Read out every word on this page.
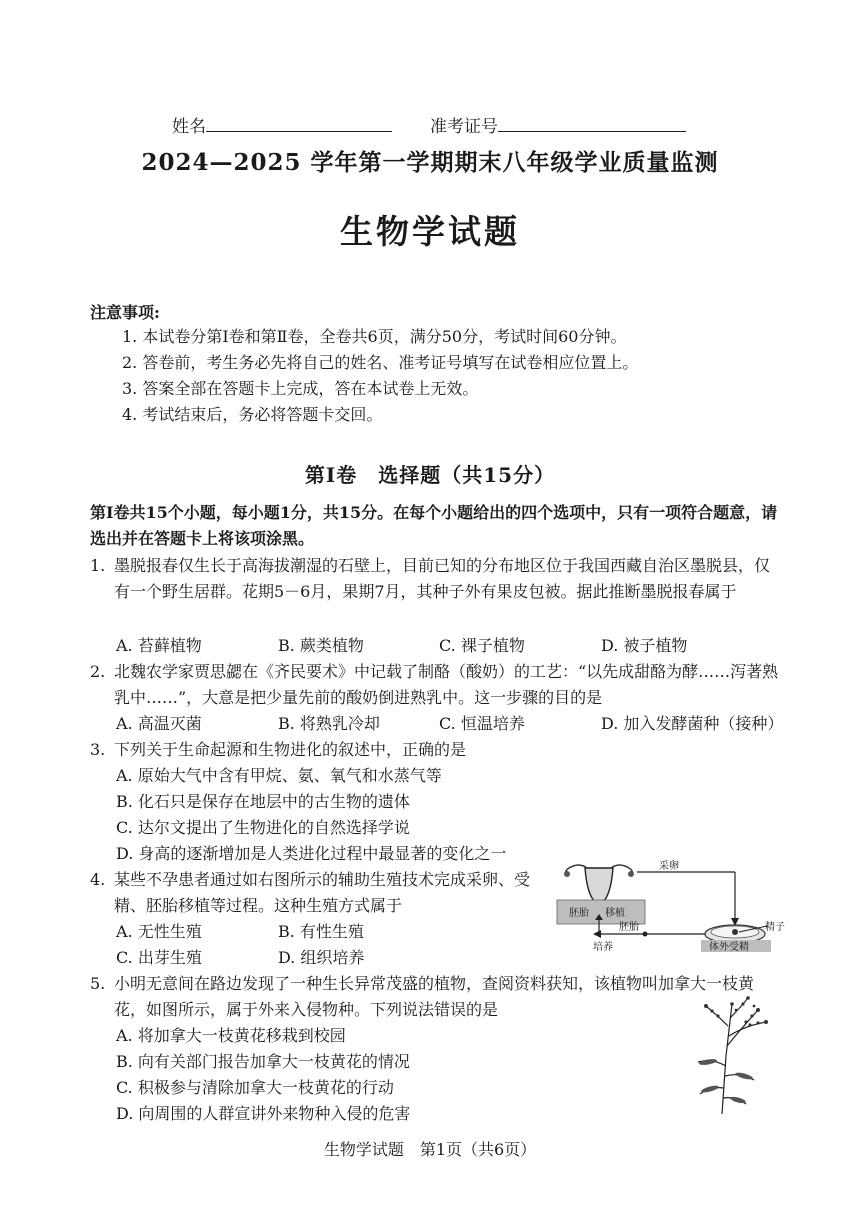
姓名	准考证号
2024—2025 学年第一学期期末八年级学业质量监测
生物学试题
注意事项:
1. 本试卷分第Ⅰ卷和第Ⅱ卷，全卷共6页，满分50分，考试时间60分钟。
2. 答卷前，考生务必先将自己的姓名、准考证号填写在试卷相应位置上。
3. 答案全部在答题卡上完成，答在本试卷上无效。
4. 考试结束后，务必将答题卡交回。
第Ⅰ卷　选择题（共15分）
第Ⅰ卷共15个小题，每小题1分，共15分。在每个小题给出的四个选项中，只有一项符合题意，请选出并在答题卡上将该项涂黑。
1. 墨脱报春仅生长于高海拔潮湿的石壁上，目前已知的分布地区位于我国西藏自治区墨脱县，仅有一个野生居群。花期5－6月，果期7月，其种子外有果皮包被。据此推断墨脱报春属于
A. 苔藓植物	B. 蕨类植物	C. 裸子植物	D. 被子植物
2. 北魏农学家贾思勰在《齐民要术》中记载了制酪（酸奶）的工艺：“以先成甜酪为酵……泻著熟乳中……”，大意是把少量先前的酸奶倒进熟乳中。这一步骤的目的是
A. 高温灭菌	B. 将熟乳冷却	C. 恒温培养	D. 加入发酵菌种（接种）
3. 下列关于生命起源和生物进化的叙述中，正确的是
A. 原始大气中含有甲烷、氨、氧气和水蒸气等
B. 化石只是保存在地层中的古生物的遗体
C. 达尔文提出了生物进化的自然选择学说
D. 身高的逐渐增加是人类进化过程中最显著的变化之一
4. 某些不孕患者通过如右图所示的辅助生殖技术完成采卵、受精、胚胎移植等过程。这种生殖方式属于
A. 无性生殖	B. 有性生殖
C. 出芽生殖	D. 组织培养
胚胎 移植
采卵
精子
体外受精
胚胎
培养
5. 小明无意间在路边发现了一种生长异常茂盛的植物，查阅资料获知，该植物叫加拿大一枝黄花，如图所示，属于外来入侵物种。下列说法错误的是
A. 将加拿大一枝黄花移栽到校园
B. 向有关部门报告加拿大一枝黄花的情况
C. 积极参与清除加拿大一枝黄花的行动
D. 向周围的人群宣讲外来物种入侵的危害
生物学试题　第1页（共6页）
